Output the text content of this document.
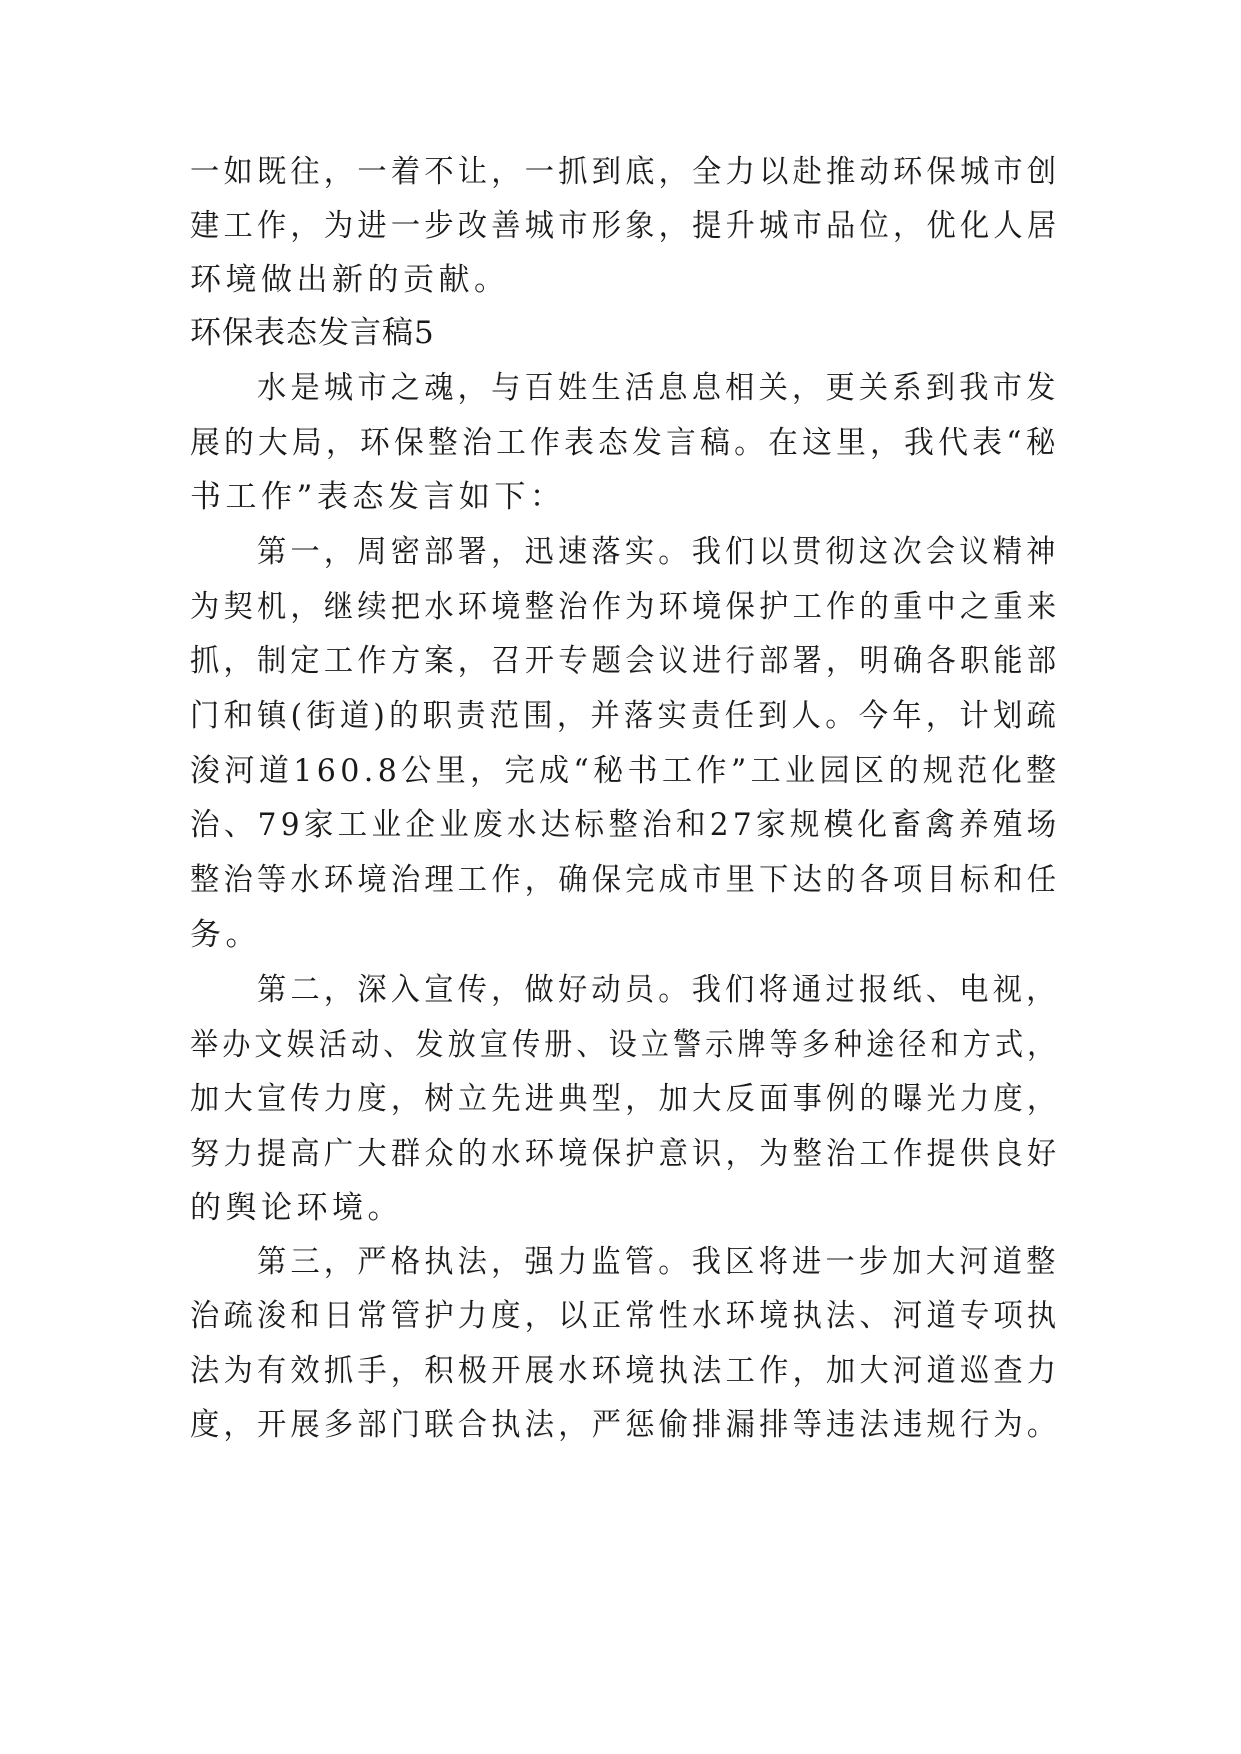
一如既往，一着不让，一抓到底，全力以赴推动环保城市创

建工作，为进一步改善城市形象，提升城市品位，优化人居

环境做出新的贡献。

环保表态发言稿5

水是城市之魂，与百姓生活息息相关，更关系到我市发

展的大局，环保整治工作表态发言稿。在这里，我代表“秘

书工作”表态发言如下：

第一，周密部署，迅速落实。我们以贯彻这次会议精神

为契机，继续把水环境整治作为环境保护工作的重中之重来

抓，制定工作方案，召开专题会议进行部署，明确各职能部

门和镇(街道)的职责范围，并落实责任到人。今年，计划疏

浚河道160.8公里，完成“秘书工作”工业园区的规范化整

治、79家工业企业废水达标整治和27家规模化畜禽养殖场

整治等水环境治理工作，确保完成市里下达的各项目标和任

务。

第二，深入宣传，做好动员。我们将通过报纸、电视，

举办文娱活动、发放宣传册、设立警示牌等多种途径和方式，

加大宣传力度，树立先进典型，加大反面事例的曝光力度，

努力提高广大群众的水环境保护意识，为整治工作提供良好

的舆论环境。

第三，严格执法，强力监管。我区将进一步加大河道整

治疏浚和日常管护力度，以正常性水环境执法、河道专项执

法为有效抓手，积极开展水环境执法工作，加大河道巡查力

度，开展多部门联合执法，严惩偷排漏排等违法违规行为。
